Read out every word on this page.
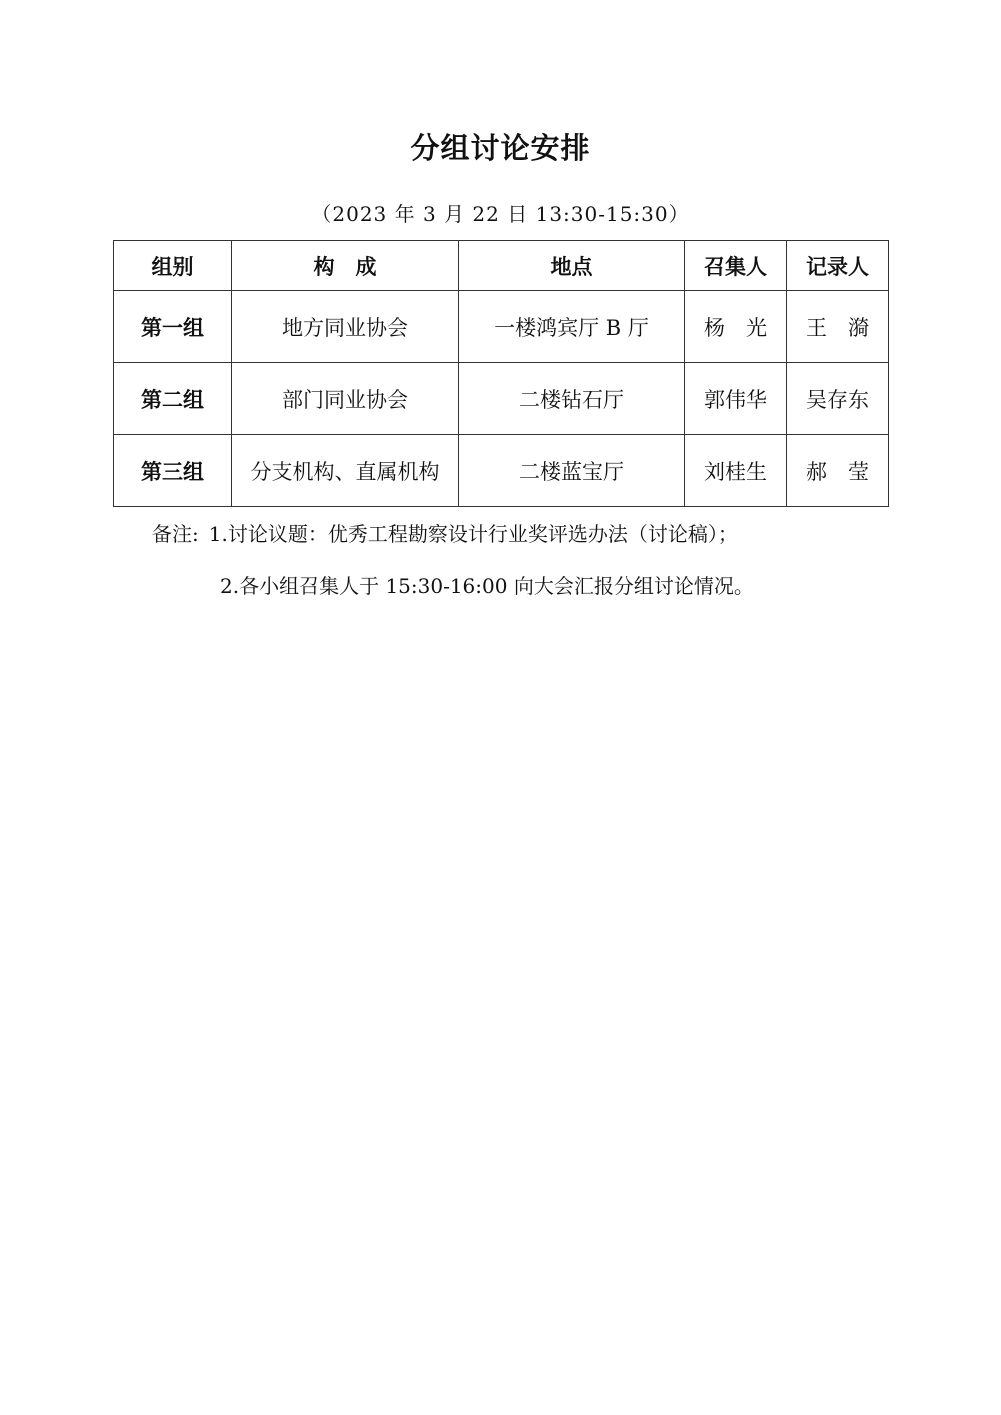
分组讨论安排
（2023 年 3 月 22 日 13:30-15:30）
组别	构　成	地点	召集人	记录人
第一组	地方同业协会	一楼鸿宾厅 B 厅	杨　光	王　漪
第二组	部门同业协会	二楼钻石厅	郭伟华	吴存东
第三组	分支机构、直属机构	二楼蓝宝厅	刘桂生	郝　莹
备注: 1.讨论议题：优秀工程勘察设计行业奖评选办法（讨论稿）；
2.各小组召集人于 15:30-16:00 向大会汇报分组讨论情况。
